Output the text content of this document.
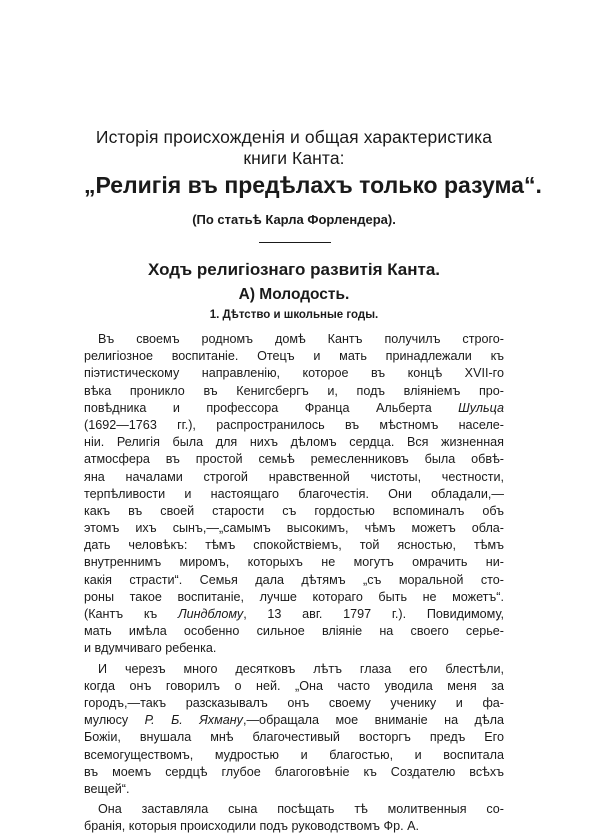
Исторія происхожденія и общая характеристика
книги Канта:
„Религія въ предѣлахъ только разума“.
(По статьѣ Карла Форлендера).
Ходъ религіознаго развитія Канта.
А) Молодость.
1. Дѣтство и школьные годы.
Въ своемъ родномъ домѣ Кантъ получилъ строго-
религіозное воспитаніе. Отецъ и мать принадлежали къ
піэтистическому направленію, которое въ концѣ XVII-го
вѣка проникло въ Кенигсбергъ и, подъ вліяніемъ про-
повѣдника и профессора Франца Альберта Шульца
(1692—1763 гг.), распространилось въ мѣстномъ населе-
ніи. Религія была для нихъ дѣломъ сердца. Вся жизненная
атмосфера въ простой семьѣ ремесленниковъ была обвѣ-
яна началами строгой нравственной чистоты, честности,
терпѣливости и настоящаго благочестія. Они обладали,—
какъ въ своей старости съ гордостью вспоминалъ объ
этомъ ихъ сынъ,—„самымъ высокимъ, чѣмъ можетъ обла-
дать человѣкъ: тѣмъ спокойствіемъ, той ясностью, тѣмъ
внутреннимъ миромъ, которыхъ не могутъ омрачить ни-
какія страсти“. Семья дала дѣтямъ „съ моральной сто-
роны такое воспитаніе, лучше котораго быть не можетъ“.
(Кантъ къ Линдблому, 13 авг. 1797 г.). Повидимому,
мать имѣла особенно сильное вліяніе на своего серье-
и вдумчиваго ребенка.
И черезъ много десятковъ лѣтъ глаза его блестѣли,
когда онъ говорилъ о ней. „Она часто уводила меня за
городъ,—такъ разсказывалъ онъ своему ученику и фа-
мулюсу Р. Б. Яхману,—обращала мое вниманіе на дѣла
Божіи, внушала мнѣ благочестивый восторгъ предъ Его
всемогуществомъ, мудростью и благостью, и воспитала
въ моемъ сердцѣ глубое благоговѣніе къ Создателю всѣхъ
вещей“.
Она заставляла сына посѣщать тѣ молитвенныя со-
бранія, которыя происходили подъ руководствомъ Фр. А.
